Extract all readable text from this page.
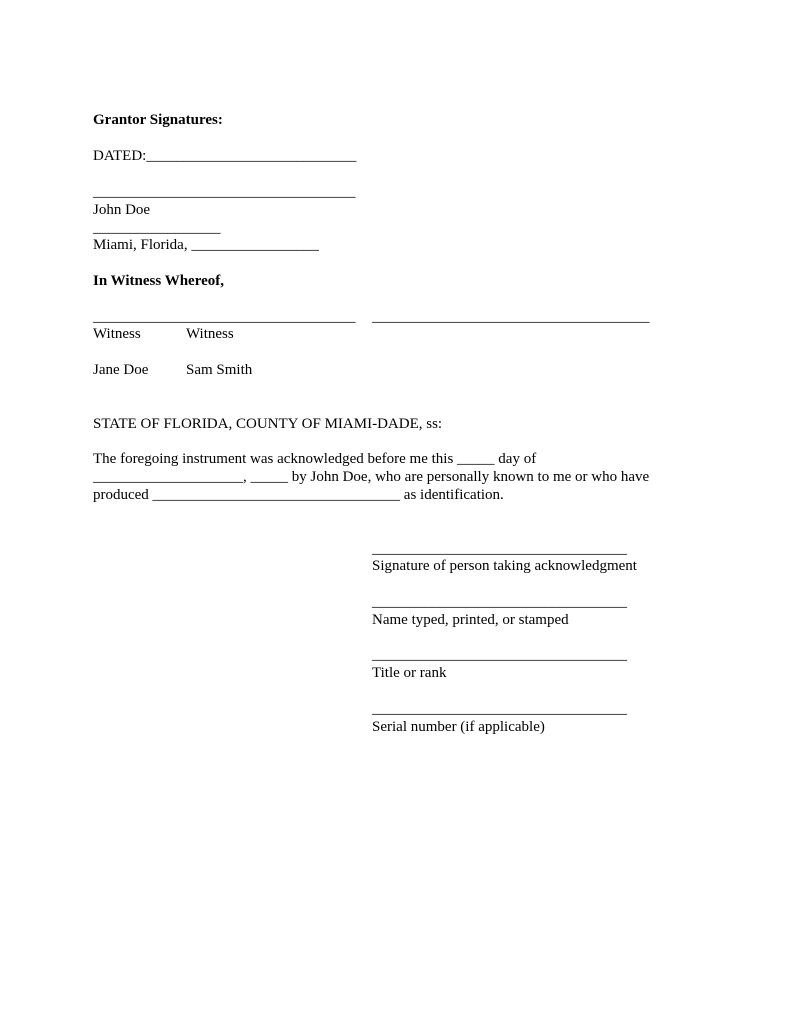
Grantor Signatures:
DATED:____________________________
___________________________________
John Doe
_________________
Miami, Florida, _________________
In Witness Whereof,
___________________________________ _____________________________________
Witness	Witness
Jane Doe	Sam Smith
STATE OF FLORIDA, COUNTY OF MIAMI-DADE, ss:
The foregoing instrument was acknowledged before me this _____ day of
____________________, _____ by John Doe, who are personally known to me or who have
produced _________________________________ as identification.
__________________________________
Signature of person taking acknowledgment
__________________________________
Name typed, printed, or stamped
__________________________________
Title or rank
__________________________________
Serial number (if applicable)
